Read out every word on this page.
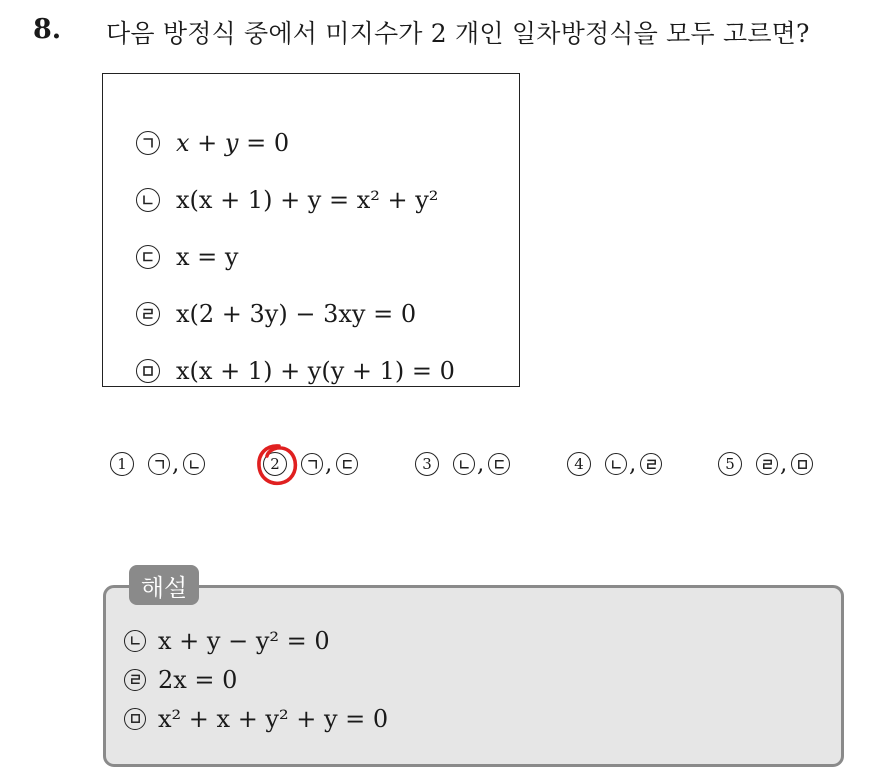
8. 다음 방정식 중에서 미지수가 2 개인 일차방정식을 모두 고르면?
x + y = 0
x(x + 1) + y = x² + y²
x = y
x(2 + 3y) − 3xy = 0
x(x + 1) + y(y + 1) = 0
1	,	2	,	3	,	4	,	5	,
해설
x + y − y² = 0
2x = 0
x² + x + y² + y = 0
